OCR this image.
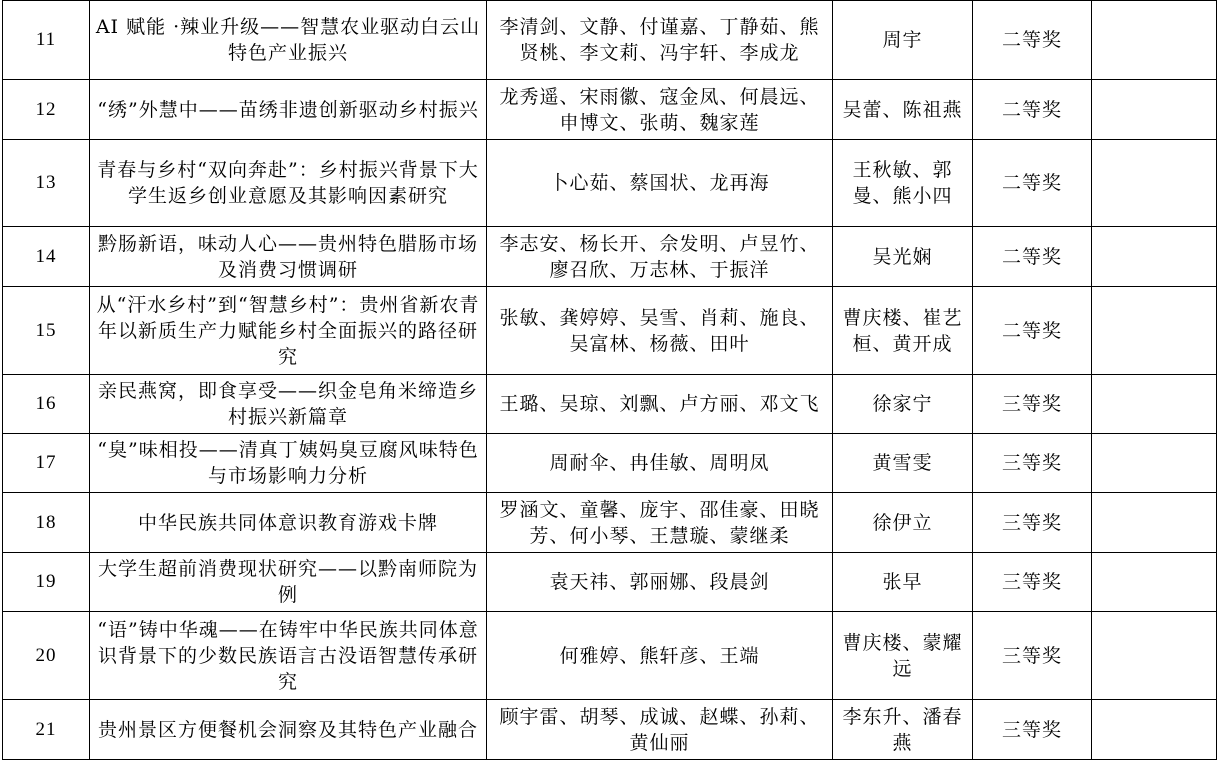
11	AI 赋能 ·辣业升级——智慧农业驱动白云山特色产业振兴	李清剑、文静、付谨嘉、丁静茹、熊贤桃、李文莉、冯宇轩、李成龙	周宇	二等奖	
12	“绣”外慧中——苗绣非遗创新驱动乡村振兴	龙秀遥、宋雨徽、寇金凤、何晨远、申博文、张萌、魏家莲	吴蕾、陈祖燕	二等奖	
13	青春与乡村“双向奔赴”：乡村振兴背景下大学生返乡创业意愿及其影响因素研究	卜心茹、蔡国状、龙再海	王秋敏、郭曼、熊小四	二等奖	
14	黔肠新语，味动人心——贵州特色腊肠市场及消费习惯调研	李志安、杨长开、佘发明、卢昱竹、廖召欣、万志林、于振洋	吴光娴	二等奖	
15	从“汗水乡村”到“智慧乡村”：贵州省新农青年以新质生产力赋能乡村全面振兴的路径研究	张敏、龚婷婷、吴雪、肖莉、施良、吴富林、杨薇、田叶	曹庆楼、崔艺桓、黄开成	二等奖	
16	亲民燕窝，即食享受——织金皂角米缔造乡村振兴新篇章	王璐、吴琼、刘飘、卢方丽、邓文飞	徐家宁	三等奖	
17	“臭”味相投——清真丁姨妈臭豆腐风味特色与市场影响力分析	周耐伞、冉佳敏、周明凤	黄雪雯	三等奖	
18	中华民族共同体意识教育游戏卡牌	罗涵文、童馨、庞宇、邵佳豪、田晓芳、何小琴、王慧璇、蒙继柔	徐伊立	三等奖	
19	大学生超前消费现状研究——以黔南师院为例	袁天祎、郭丽娜、段晨剑	张早	三等奖	
20	“语”铸中华魂——在铸牢中华民族共同体意识背景下的少数民族语言古没语智慧传承研究	何雅婷、熊轩彦、王端	曹庆楼、蒙耀远	三等奖	
21	贵州景区方便餐机会洞察及其特色产业融合	顾宇雷、胡琴、成诚、赵蝶、孙莉、黄仙丽	李东升、潘春燕	三等奖	
